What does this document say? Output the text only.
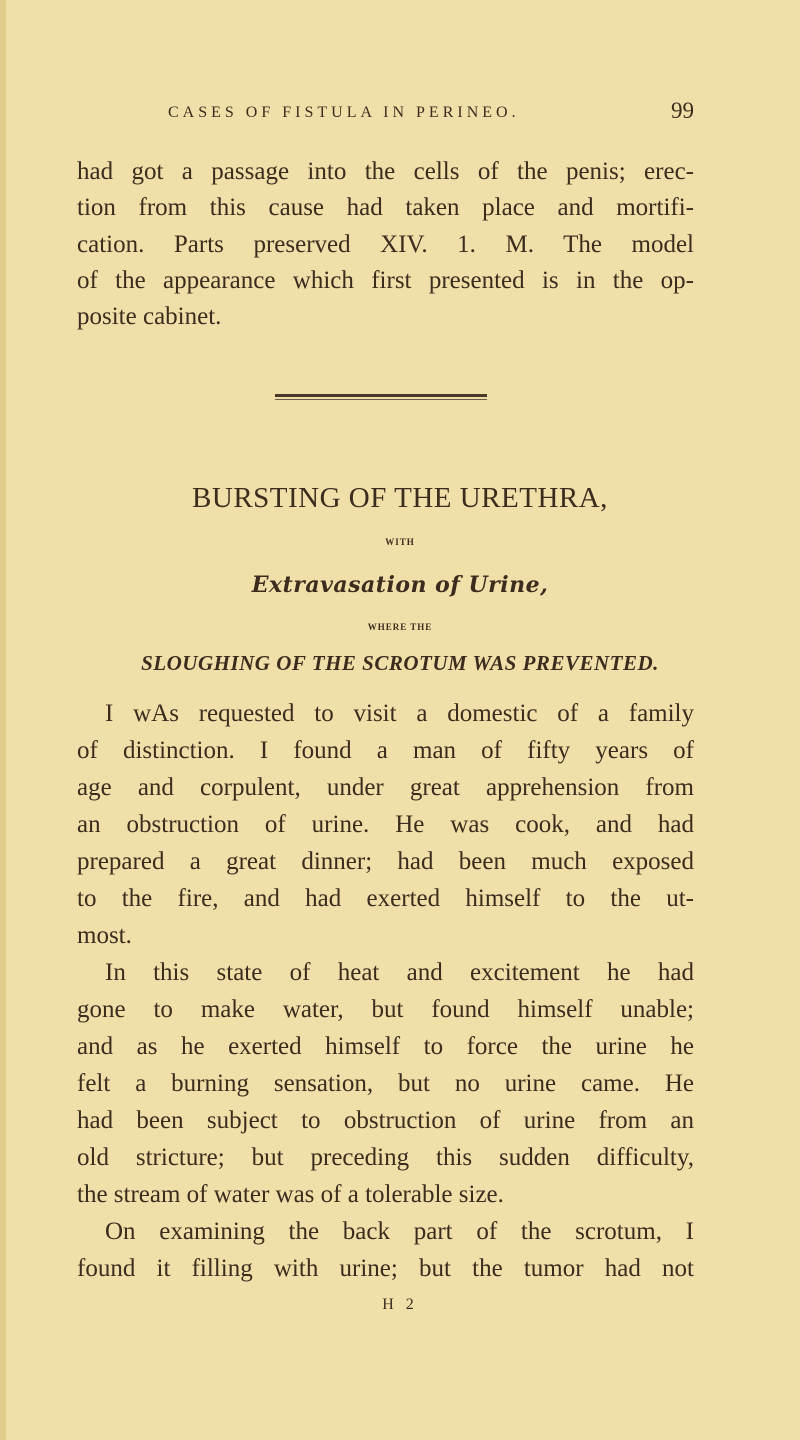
CASES OF FISTULA IN PERINEO.	99
had got a passage into the cells of the penis; erec-
tion from this cause had taken place and mortifi-
cation. Parts preserved XIV. 1. M. The model
of the appearance which first presented is in the op-
posite cabinet.
BURSTING OF THE URETHRA,
WITH
Extravasation of Urine,
WHERE THE
SLOUGHING OF THE SCROTUM WAS PREVENTED.
I wAs requested to visit a domestic of a family
of distinction. I found a man of fifty years of
age and corpulent, under great apprehension from
an obstruction of urine. He was cook, and had
prepared a great dinner; had been much exposed
to the fire, and had exerted himself to the ut-
most.
In this state of heat and excitement he had
gone to make water, but found himself unable;
and as he exerted himself to force the urine he
felt a burning sensation, but no urine came. He
had been subject to obstruction of urine from an
old stricture; but preceding this sudden difficulty,
the stream of water was of a tolerable size.
On examining the back part of the scrotum, I
found it filling with urine; but the tumor had not
H 2
